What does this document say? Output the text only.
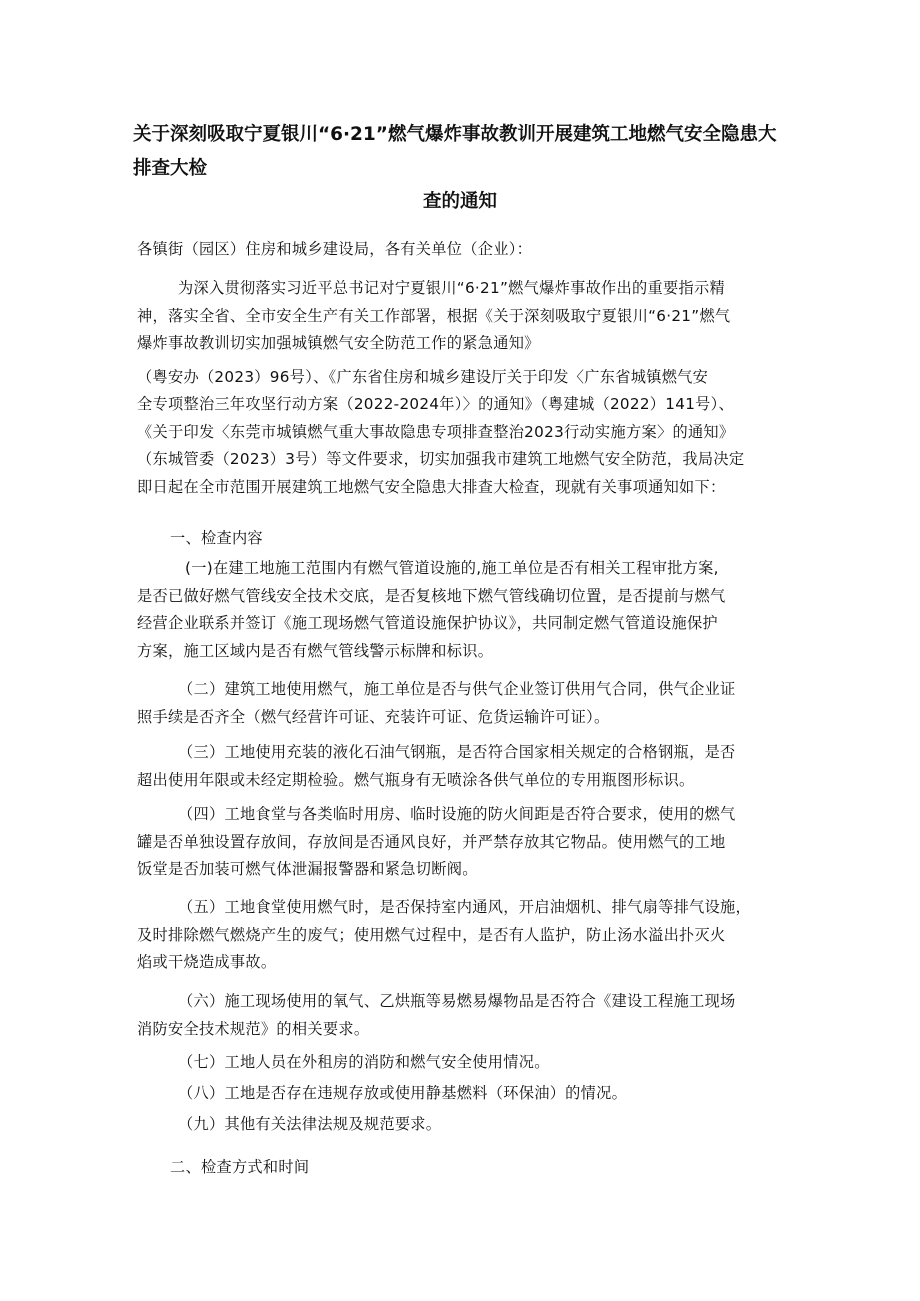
关于深刻吸取宁夏银川“6·21”燃气爆炸事故教训开展建筑工地燃气安全隐患大排查大检
查的通知
各镇街（园区）住房和城乡建设局，各有关单位（企业）：
为深入贯彻落实习近平总书记对宁夏银川“6·21”燃气爆炸事故作出的重要指示精
神，落实全省、全市安全生产有关工作部署，根据《关于深刻吸取宁夏银川“6·21”燃气
爆炸事故教训切实加强城镇燃气安全防范工作的紧急通知》
（粤安办（2023）96号）、《广东省住房和城乡建设厅关于印发〈广东省城镇燃气安
全专项整治三年攻坚行动方案（2022-2024年）〉的通知》（粤建城（2022）141号）、
《关于印发〈东莞市城镇燃气重大事故隐患专项排查整治2023行动实施方案〉的通知》
（东城管委（2023）3号）等文件要求，切实加强我市建筑工地燃气安全防范，我局决定
即日起在全市范围开展建筑工地燃气安全隐患大排查大检查，现就有关事项通知如下：
一、检查内容
(一)在建工地施工范围内有燃气管道设施的,施工单位是否有相关工程审批方案,
是否已做好燃气管线安全技术交底，是否复核地下燃气管线确切位置，是否提前与燃气
经营企业联系并签订《施工现场燃气管道设施保护协议》，共同制定燃气管道设施保护
方案，施工区域内是否有燃气管线警示标牌和标识。
（二）建筑工地使用燃气，施工单位是否与供气企业签订供用气合同，供气企业证
照手续是否齐全（燃气经营许可证、充装许可证、危货运输许可证）。
（三）工地使用充装的液化石油气钢瓶，是否符合国家相关规定的合格钢瓶，是否
超出使用年限或未经定期检验。燃气瓶身有无喷涂各供气单位的专用瓶图形标识。
（四）工地食堂与各类临时用房、临时设施的防火间距是否符合要求，使用的燃气
罐是否单独设置存放间，存放间是否通风良好，并严禁存放其它物品。使用燃气的工地
饭堂是否加装可燃气体泄漏报警器和紧急切断阀。
（五）工地食堂使用燃气时，是否保持室内通风，开启油烟机、排气扇等排气设施，
及时排除燃气燃烧产生的废气；使用燃气过程中，是否有人监护，防止汤水溢出扑灭火
焰或干烧造成事故。
（六）施工现场使用的氧气、乙烘瓶等易燃易爆物品是否符合《建设工程施工现场
消防安全技术规范》的相关要求。
（七）工地人员在外租房的消防和燃气安全使用情况。
（八）工地是否存在违规存放或使用静基燃料（环保油）的情况。
（九）其他有关法律法规及规范要求。
二、检查方式和时间
